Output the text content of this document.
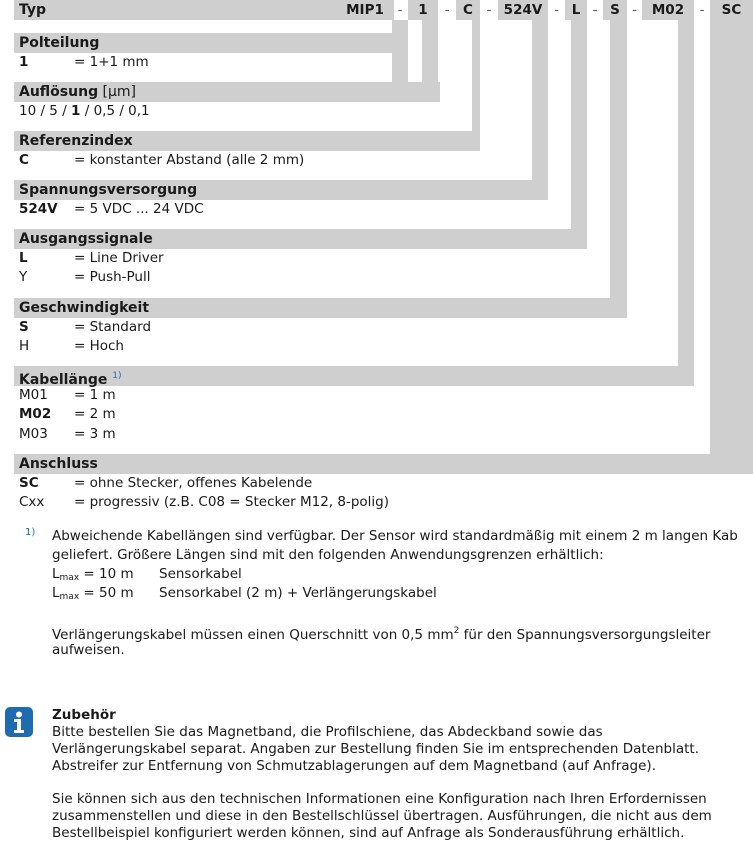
Typ	MIP1	-	1	-	C	- 524V - L - S -	M02	-	SC
Polteilung
1	= 1+1 mm
Auflösung [µm]
10 / 5 / 1 / 0,5 / 0,1
Referenzindex
C	= konstanter Abstand (alle 2 mm)
Spannungsversorgung
524V = 5 VDC ... 24 VDC
Ausgangssignale
L	= Line Driver
Y	= Push-Pull
Geschwindigkeit
S	= Standard
H	= Hoch
Kabellänge $^{1)}$
M01 = 1 m
M02 = 2 m
M03 = 3 m
Anschluss
SC	= ohne Stecker, offenes Kabelende
Cxx = progressiv (z.B. C08 = Stecker M12, 8-polig)
1) Abweichende Kabellängen sind verfügbar. Der Sensor wird standardmäßig mit einem 2 m langen Kab
geliefert. Größere Längen sind mit den folgenden Anwendungsgrenzen erhältlich:
$L_{max} = 10$ m Sensorkabel
$L_{max} = 50$ m Sensorkabel (2 m) + Verlängerungskabel
Verlängerungskabel müssen einen Querschnitt von 0,5 $mm^2$ für den Spannungsversorgungsleiter
aufweisen.
Zubehör
Bitte bestellen Sie das Magnetband, die Profilschiene, das Abdeckband sowie das
Verlängerungskabel separat. Angaben zur Bestellung finden Sie im entsprechenden Datenblatt.
Abstreifer zur Entfernung von Schmutzablagerungen auf dem Magnetband (auf Anfrage).
Sie können sich aus den technischen Informationen eine Konfiguration nach Ihren Erfordernissen
zusammenstellen und diese in den Bestellschlüssel übertragen. Ausführungen, die nicht aus dem
Bestellbeispiel konfiguriert werden können, sind auf Anfrage als Sonderausführung erhältlich.
